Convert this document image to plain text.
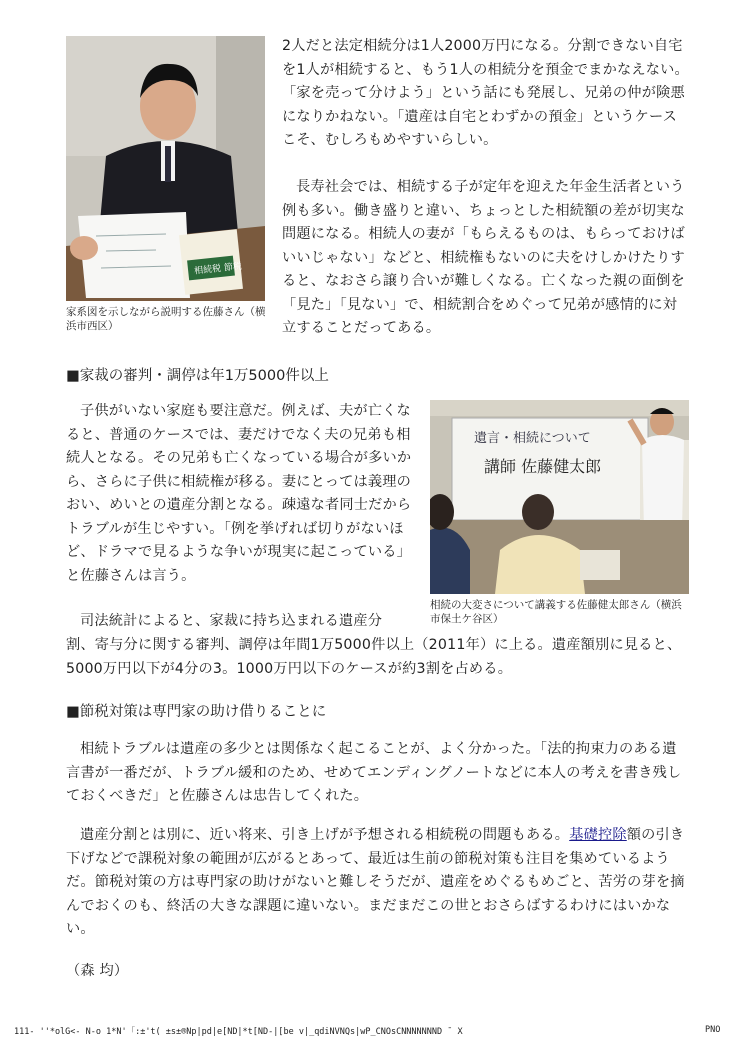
相続税 節税
家系図を示しながら説明する佐藤さん（横浜市西区）
2人だと法定相続分は1人2000万円になる。分割できない自宅を1人が相続すると、もう1人の相続分を預金でまかなえない。「家を売って分けよう」という話にも発展し、兄弟の仲が険悪になりかねない。「遺産は自宅とわずかの預金」というケースこそ、むしろもめやすいらしい。
長寿社会では、相続する子が定年を迎えた年金生活者という例も多い。働き盛りと違い、ちょっとした相続額の差が切実な問題になる。相続人の妻が「もらえるものは、もらっておけばいいじゃない」などと、相続権もないのに夫をけしかけたりすると、なおさら譲り合いが難しくなる。亡くなった親の面倒を「見た」「見ない」で、相続割合をめぐって兄弟が感情的に対立することだってある。
■家裁の審判・調停は年1万5000件以上
子供がいない家庭も要注意だ。例えば、夫が亡くなると、普通のケースでは、妻だけでなく夫の兄弟も相続人となる。その兄弟も亡くなっている場合が多いから、さらに子供に相続権が移る。妻にとっては義理のおい、めいとの遺産分割となる。疎遠な者同士だからトラブルが生じやすい。「例を挙げれば切りがないほど、ドラマで見るような争いが現実に起こっている」と佐藤さんは言う。
遺言・相続について
講師 佐藤健太郎
相続の大変さについて講義する佐藤健太郎さん（横浜市保土ケ谷区）
司法統計によると、家裁に持ち込まれる遺産分
割、寄与分に関する審判、調停は年間1万5000件以上（2011年）に上る。遺産額別に見ると、5000万円以下が4分の3。1000万円以下のケースが約3割を占める。
■節税対策は専門家の助け借りることに
相続トラブルは遺産の多少とは関係なく起こることが、よく分かった。「法的拘束力のある遺言書が一番だが、トラブル緩和のため、せめてエンディングノートなどに本人の考えを書き残しておくべきだ」と佐藤さんは忠告してくれた。
遺産分割とは別に、近い将来、引き上げが予想される相続税の問題もある。基礎控除額の引き下げなどで課税対象の範囲が広がるとあって、最近は生前の節税対策も注目を集めているようだ。節税対策の方は専門家の助けがないと難しそうだが、遺産をめぐるもめごと、苦労の芽を摘んでおくのも、終活の大きな課題に違いない。まだまだこの世とおさらばするわけにはいかない。
（森 均）
111- ''*olG<- N-o 1*N'「:±'t( ±s±®Np|pd|e[ND|*t[ND-|[be v|_qdiNVNQs|wP_CNOsCNNNNNNND ¯ X	PNO
